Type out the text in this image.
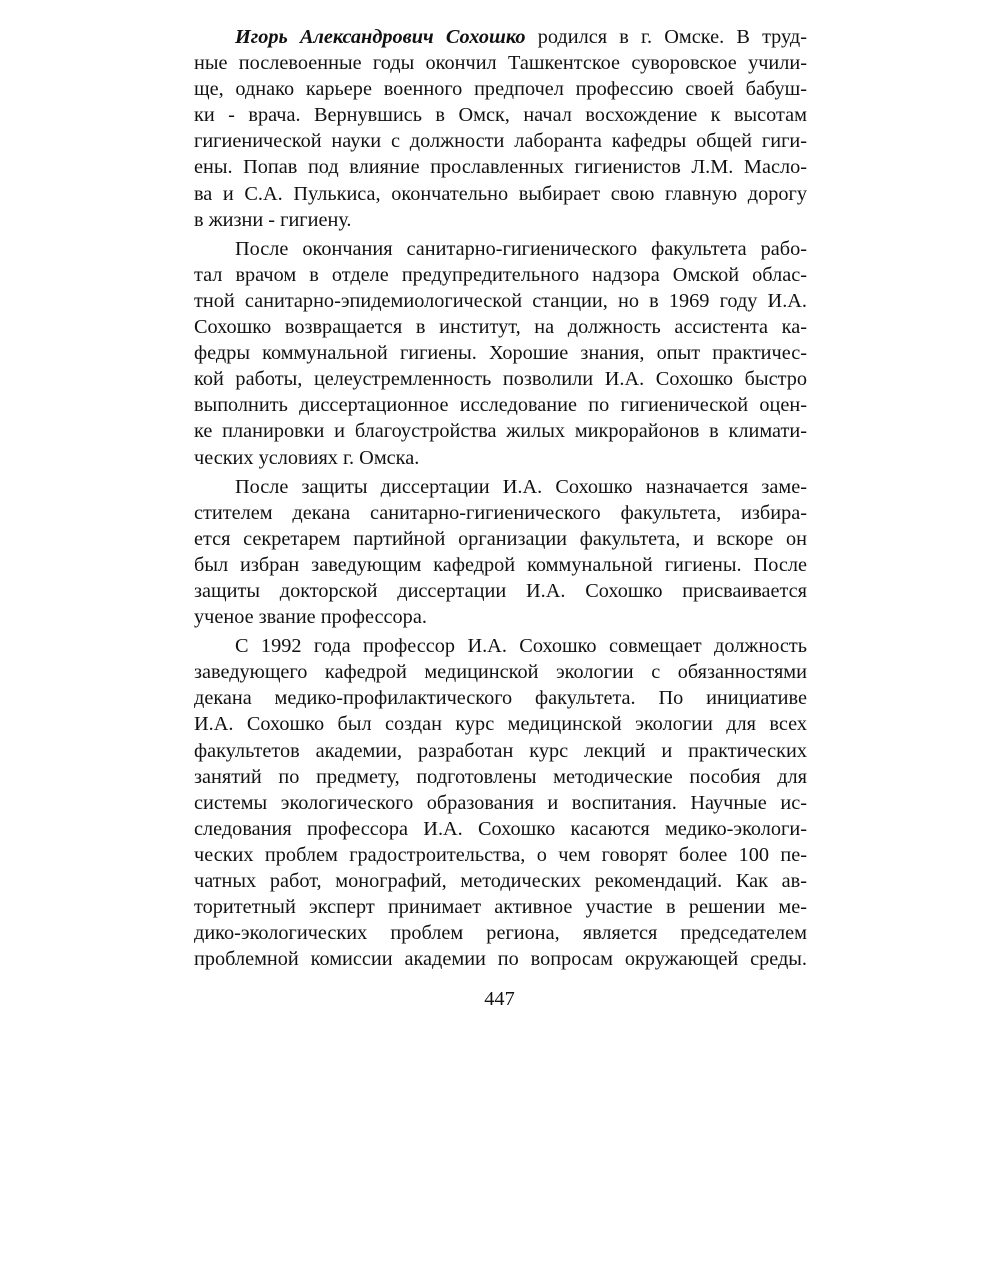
Игорь Александрович Сохошко родился в г. Омске. В труд-
ные послевоенные годы окончил Ташкентское суворовское учили-
ще, однако карьере военного предпочел профессию своей бабуш-
ки - врача. Вернувшись в Омск, начал восхождение к высотам
гигиенической науки с должности лаборанта кафедры общей гиги-
ены. Попав под влияние прославленных гигиенистов Л.М. Масло-
ва и С.А. Пулькиса, окончательно выбирает свою главную дорогу
в жизни - гигиену.
После окончания санитарно-гигиенического факультета рабо-
тал врачом в отделе предупредительного надзора Омской облас-
тной санитарно-эпидемиологической станции, но в 1969 году И.А.
Сохошко возвращается в институт, на должность ассистента ка-
федры коммунальной гигиены. Хорошие знания, опыт практичес-
кой работы, целеустремленность позволили И.А. Сохошко быстро
выполнить диссертационное исследование по гигиенической оцен-
ке планировки и благоустройства жилых микрорайонов в климати-
ческих условиях г. Омска.
После защиты диссертации И.А. Сохошко назначается заме-
стителем декана санитарно-гигиенического факультета, избира-
ется секретарем партийной организации факультета, и вскоре он
был избран заведующим кафедрой коммунальной гигиены. После
защиты докторской диссертации И.А. Сохошко присваивается
ученое звание профессора.
С 1992 года профессор И.А. Сохошко совмещает должность
заведующего кафедрой медицинской экологии с обязанностями
декана медико-профилактического факультета. По инициативе
И.А. Сохошко был создан курс медицинской экологии для всех
факультетов академии, разработан курс лекций и практических
занятий по предмету, подготовлены методические пособия для
системы экологического образования и воспитания. Научные ис-
следования профессора И.А. Сохошко касаются медико-экологи-
ческих проблем градостроительства, о чем говорят более 100 пе-
чатных работ, монографий, методических рекомендаций. Как ав-
торитетный эксперт принимает активное участие в решении ме-
дико-экологических проблем региона, является председателем
проблемной комиссии академии по вопросам окружающей среды.
447
